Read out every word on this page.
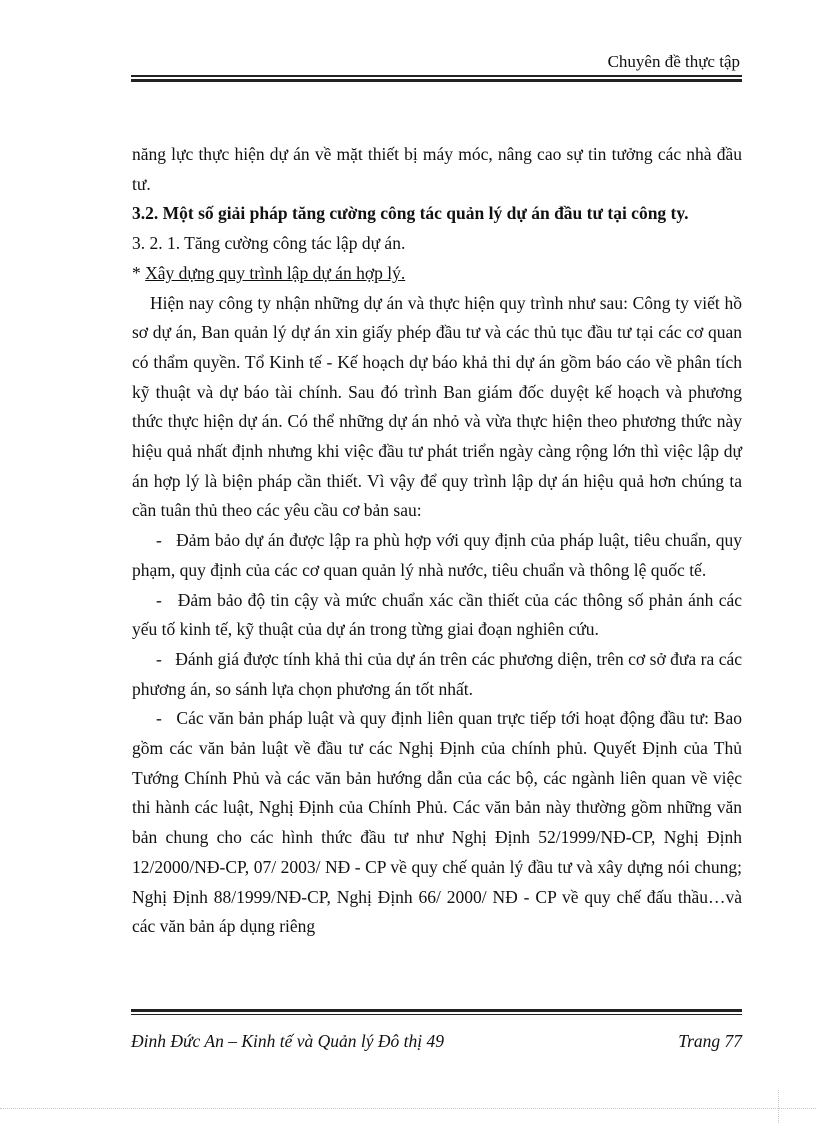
Chuyên đề thực tập

năng lực thực hiện dự án về mặt thiết bị máy móc, nâng cao sự tin tưởng các nhà đầu tư.

3.2. Một số giải pháp tăng cường công tác quản lý dự án đầu tư tại công ty.

3. 2. 1. Tăng cường công tác lập dự án.

* Xây dựng quy trình lập dự án hợp lý.

Hiện nay công ty nhận những dự án và thực hiện quy trình như sau: Công ty viết hồ sơ dự án, Ban quản lý dự án xin giấy phép đầu tư và các thủ tục đầu tư tại các cơ quan có thẩm quyền. Tổ Kinh tế - Kế hoạch dự báo khả thi dự án gồm báo cáo về phân tích kỹ thuật và dự báo tài chính. Sau đó trình Ban giám đốc duyệt kế hoạch và phương thức thực hiện dự án. Có thể những dự án nhỏ và vừa thực hiện theo phương thức này hiệu quả nhất định nhưng khi việc đầu tư phát triển ngày càng rộng lớn thì việc lập dự án hợp lý là biện pháp cần thiết. Vì vậy để quy trình lập dự án hiệu quả hơn chúng ta cần tuân thủ theo các yêu cầu cơ bản sau:

- Đảm bảo dự án được lập ra phù hợp với quy định của pháp luật, tiêu chuẩn, quy phạm, quy định của các cơ quan quản lý nhà nước, tiêu chuẩn và thông lệ quốc tế.

- Đảm bảo độ tin cậy và mức chuẩn xác cần thiết của các thông số phản ánh các yếu tố kinh tế, kỹ thuật của dự án trong từng giai đoạn nghiên cứu.

- Đánh giá được tính khả thi của dự án trên các phương diện, trên cơ sở đưa ra các phương án, so sánh lựa chọn phương án tốt nhất.

- Các văn bản pháp luật và quy định liên quan trực tiếp tới hoạt động đầu tư: Bao gồm các văn bản luật về đầu tư các Nghị Định của chính phủ. Quyết Định của Thủ Tướng Chính Phủ và các văn bản hướng dẫn của các bộ, các ngành liên quan về việc thi hành các luật, Nghị Định của Chính Phủ. Các văn bản này thường gồm những văn bản chung cho các hình thức đầu tư như Nghị Định 52/1999/NĐ-CP, Nghị Định 12/2000/NĐ-CP, 07/ 2003/ NĐ - CP về quy chế quản lý đầu tư và xây dựng nói chung; Nghị Định 88/1999/NĐ-CP, Nghị Định 66/ 2000/ NĐ - CP về quy chế đấu thầu…và các văn bản áp dụng riêng

Đinh Đức An – Kinh tế và Quản lý Đô thị 49	Trang 77
